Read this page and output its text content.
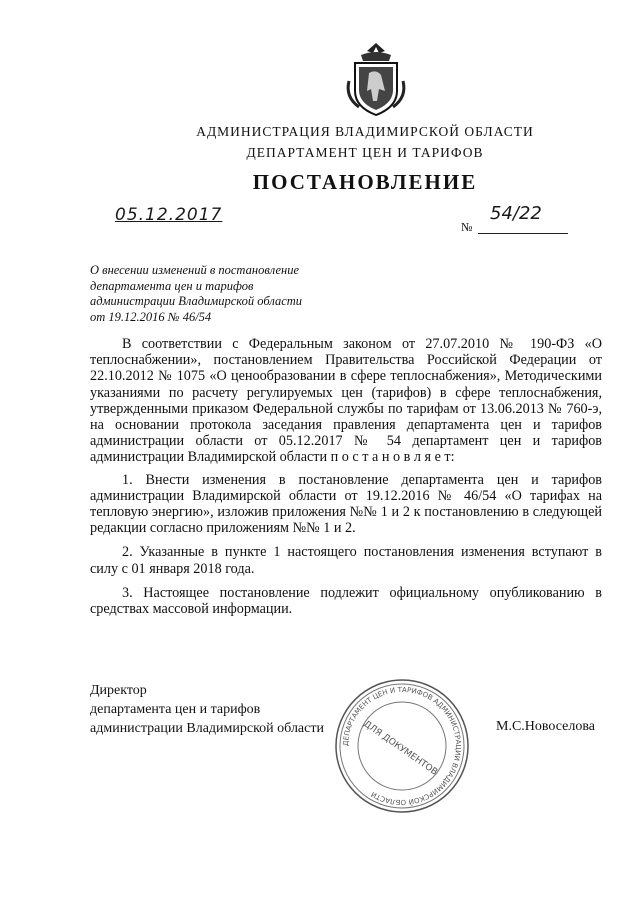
АДМИНИСТРАЦИЯ ВЛАДИМИРСКОЙ ОБЛАСТИ
ДЕПАРТАМЕНТ ЦЕН И ТАРИФОВ
ПОСТАНОВЛЕНИЕ
05.12.2017
№
54/22
О внесении изменений в постановление
департамента цен и тарифов
администрации Владимирской области
от 19.12.2016 № 46/54

В соответствии с Федеральным законом от 27.07.2010 № 190-ФЗ «О теплоснабжении», постановлением Правительства Российской Федерации от 22.10.2012 № 1075 «О ценообразовании в сфере теплоснабжения», Методическими указаниями по расчету регулируемых цен (тарифов) в сфере теплоснабжения, утвержденными приказом Федеральной службы по тарифам от 13.06.2013 № 760-э, на основании протокола заседания правления департамента цен и тарифов администрации области от 05.12.2017 № 54 департамент цен и тарифов администрации Владимирской области п о с т а н о в л я е т:

1. Внести изменения в постановление департамента цен и тарифов администрации Владимирской области от 19.12.2016 № 46/54 «О тарифах на тепловую энергию», изложив приложения №№ 1 и 2 к постановлению в следующей редакции согласно приложениям №№ 1 и 2.

2. Указанные в пункте 1 настоящего постановления изменения вступают в силу с 01 января 2018 года.

3. Настоящее постановление подлежит официальному опубликованию в средствах массовой информации.

Директор
департамента цен и тарифов
администрации Владимирской области
ДЕПАРТАМЕНТ ЦЕН И ТАРИФОВ АДМИНИСТРАЦИИ ВЛАДИМИРСКОЙ ОБЛАСТИ
ДЛЯ ДОКУМЕНТОВ	М.С.Новоселова
